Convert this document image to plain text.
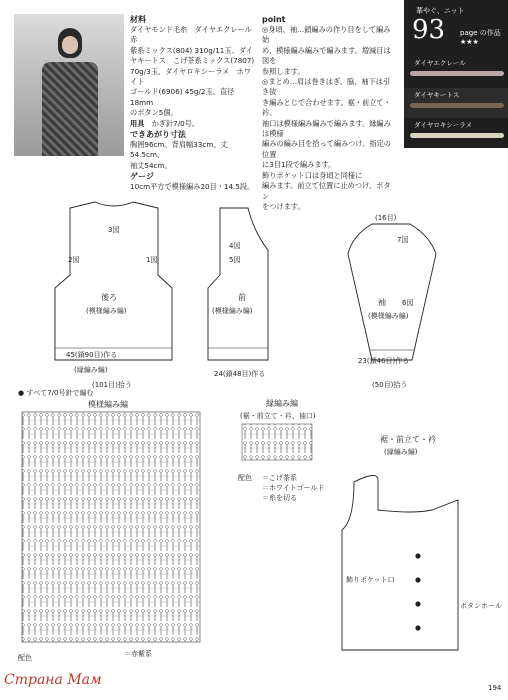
材料
ダイヤモンド毛糸　ダイヤエクレール　赤
紫系ミックス(804) 310g/11玉、ダイ
ヤキートス　こげ茶系ミックス(7807)
70g/3玉、ダイヤロキシーラメ　ホワイト
ゴールド(6906) 45g/2玉、直径18mm
のボタン5個。
用具　 かぎ針7/0号。
できあがり寸法
胸囲96cm、背肩幅33cm、丈54.5cm、
袖丈54cm。
ゲージ
10cm平方で模様編み20目・14.5段。
point
◎身頃、袖…鎖編みの作り目をして編み始
め、模様編み編みで編みます。増減目は図を
参照します。
◎まとめ…肩は巻きはぎ、脇、袖下は引き抜
き編みとじで合わせます。裾・前立て・衿、
袖口は模様編み編みで編みます。縁編みは模様
編みの編み目を拾って編みつけ、指定の位置
に3目1段で編みます。
飾りポケット口は身頃と同様に
編みます。前立て位置に止めつけ、ボタン
をつけます。
華やぐ、ニット
93 page の作品 ★★★
ダイヤエクレール
ダイヤキートス
ダイヤロキシーラメ
3図
2図	1図
後ろ
(模様編み編)
45(鎖90目)作る
(縁編み編)
(101目)拾う
4図
5図
前
(模様編み編)
24(鎖48目)作る
(16目)
7図
袖 6図
(模様編み編)
23(鎖46目)作る
(50目)拾う
● すべて7/0号針で編む
模様編み編
配色	＝赤紫系
縁編み編
(裾・前立て・衿、袖口)
配色 ＝こげ茶系
＝ホワイトゴールド
＝糸を切る
裾・前立て・衿
(縁編み編)
飾りポケット口
ボタンホール
Страна Мам	194
